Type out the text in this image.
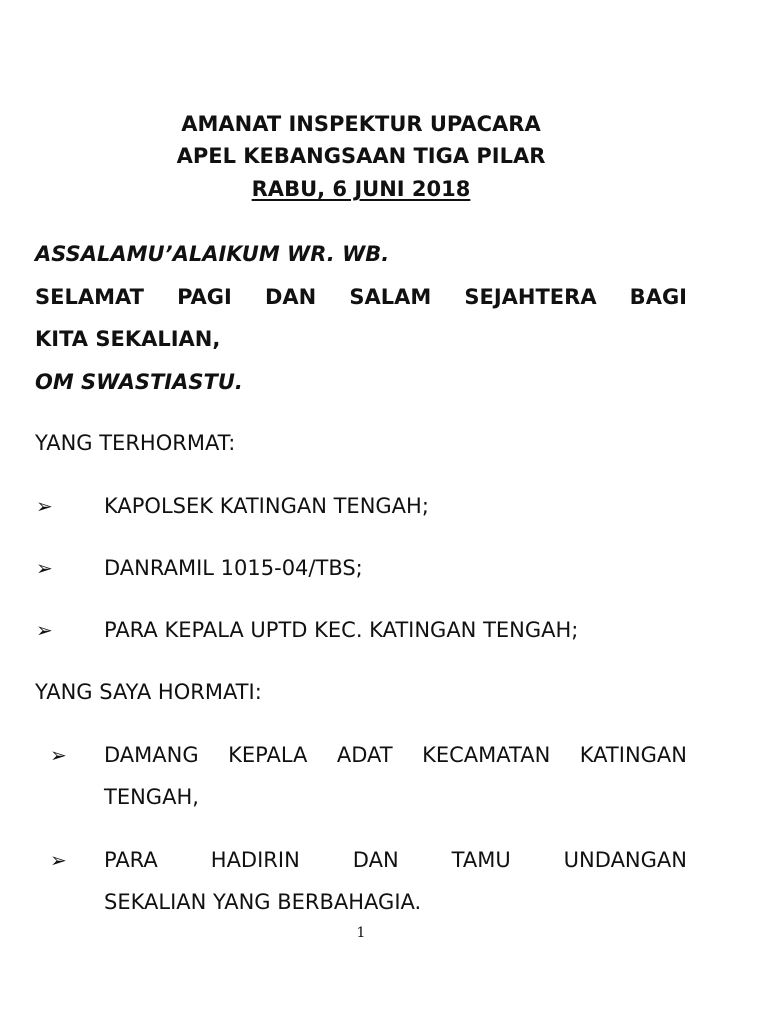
AMANAT INSPEKTUR UPACARA
APEL KEBANGSAAN TIGA PILAR
RABU, 6 JUNI 2018
ASSALAMU’ALAIKUM WR. WB.
SELAMAT PAGI DAN SALAM SEJAHTERA BAGI
KITA SEKALIAN,
OM SWASTIASTU.
YANG TERHORMAT:
➢ KAPOLSEK KATINGAN TENGAH;
➢ DANRAMIL 1015-04/TBS;
➢ PARA KEPALA UPTD KEC. KATINGAN TENGAH;
YANG SAYA HORMATI:
➢ DAMANG KEPALA ADAT KECAMATAN KATINGAN
TENGAH,
➢ PARA HADIRIN DAN TAMU UNDANGAN
SEKALIAN YANG BERBAHAGIA.
1
